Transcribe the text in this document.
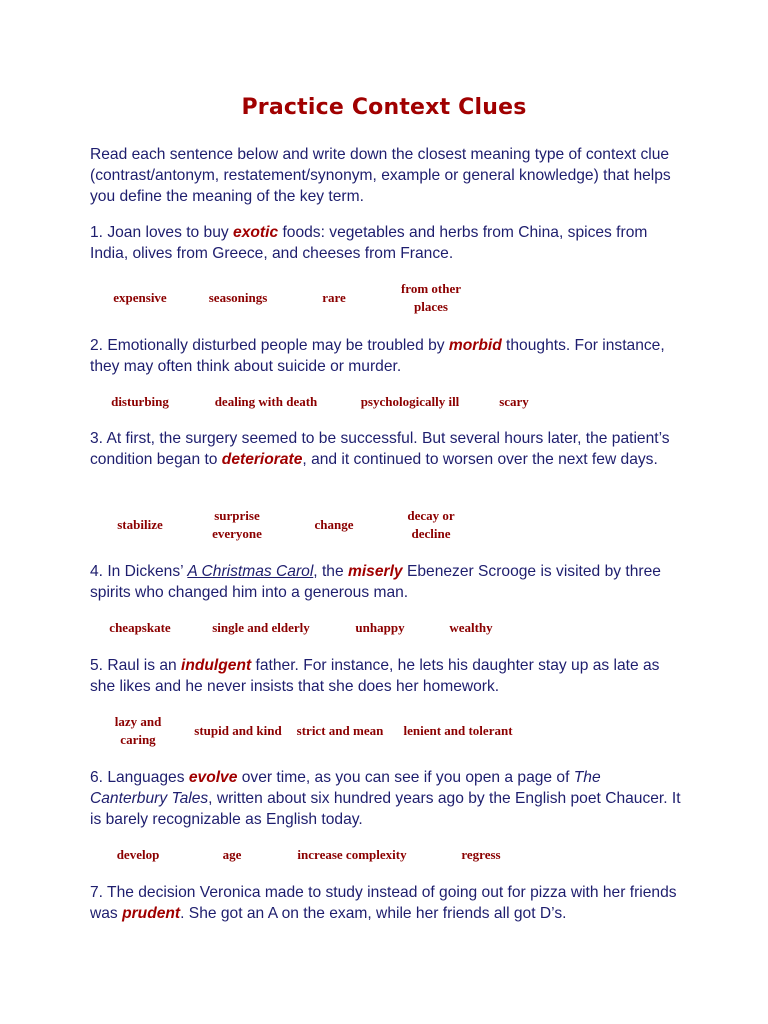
Practice Context Clues

Read each sentence below and write down the closest meaning type of context clue (contrast/antonym, restatement/synonym, example or general knowledge) that helps you define the meaning of the key term.

1. Joan loves to buy exotic foods: vegetables and herbs from China, spices from India, olives from Greece, and cheeses from France.

expensive	seasonings	rare
from other places

2. Emotionally disturbed people may be troubled by morbid thoughts. For instance, they may often think about suicide or murder.

disturbing	dealing with death	psychologically ill	scary

3. At first, the surgery seemed to be successful. But several hours later, the patient’s condition began to deteriorate, and it continued to worsen over the next few days.

stabilize
surprise everyone
change
decay or decline

4. In Dickens’ A Christmas Carol, the miserly Ebenezer Scrooge is visited by three spirits who changed him into a generous man.

cheapskate	single and elderly	unhappy	wealthy

5. Raul is an indulgent father. For instance, he lets his daughter stay up as late as she likes and he never insists that she does her homework.

lazy and caring
stupid and kind	strict and mean	lenient and tolerant

6. Languages evolve over time, as you can see if you open a page of The Canterbury Tales, written about six hundred years ago by the English poet Chaucer. It is barely recognizable as English today.

develop	age	increase complexity	regress

7. The decision Veronica made to study instead of going out for pizza with her friends was prudent. She got an A on the exam, while her friends all got D’s.
